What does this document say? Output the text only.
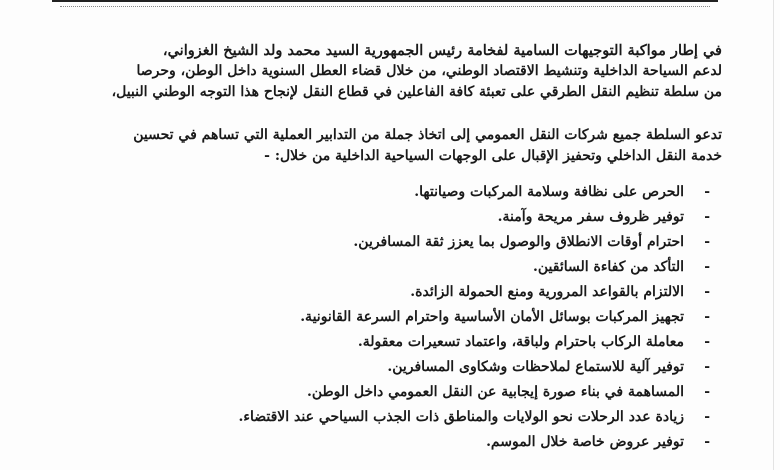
في إطار مواكبة التوجيهات السامية لفخامة رئيس الجمهورية السيد محمد ولد الشيخ الغزواني،
لدعم السياحة الداخلية وتنشيط الاقتصاد الوطني، من خلال قضاء العطل السنوية داخل الوطن، وحرصا
من سلطة تنظيم النقل الطرقي على تعبئة كافة الفاعلين في قطاع النقل لإنجاح هذا التوجه الوطني النبيل،
تدعو السلطة جميع شركات النقل العمومي إلى اتخاذ جملة من التدابير العملية التي تساهم في تحسين
خدمة النقل الداخلي وتحفيز الإقبال على الوجهات السياحية الداخلية من خلال: -
-
الحرص على نظافة وسلامة المركبات وصيانتها.
-
توفير ظروف سفر مريحة وآمنة.
-
احترام أوقات الانطلاق والوصول بما يعزز ثقة المسافرين.
-
التأكد من كفاءة السائقين.
-
الالتزام بالقواعد المرورية ومنع الحمولة الزائدة.
-
تجهيز المركبات بوسائل الأمان الأساسية واحترام السرعة القانونية.
-
معاملة الركاب باحترام ولباقة، واعتماد تسعيرات معقولة.
-
توفير آلية للاستماع لملاحظات وشكاوى المسافرين.
-
المساهمة في بناء صورة إيجابية عن النقل العمومي داخل الوطن.
-
زيادة عدد الرحلات نحو الولايات والمناطق ذات الجذب السياحي عند الاقتضاء.
-
توفير عروض خاصة خلال الموسم.
